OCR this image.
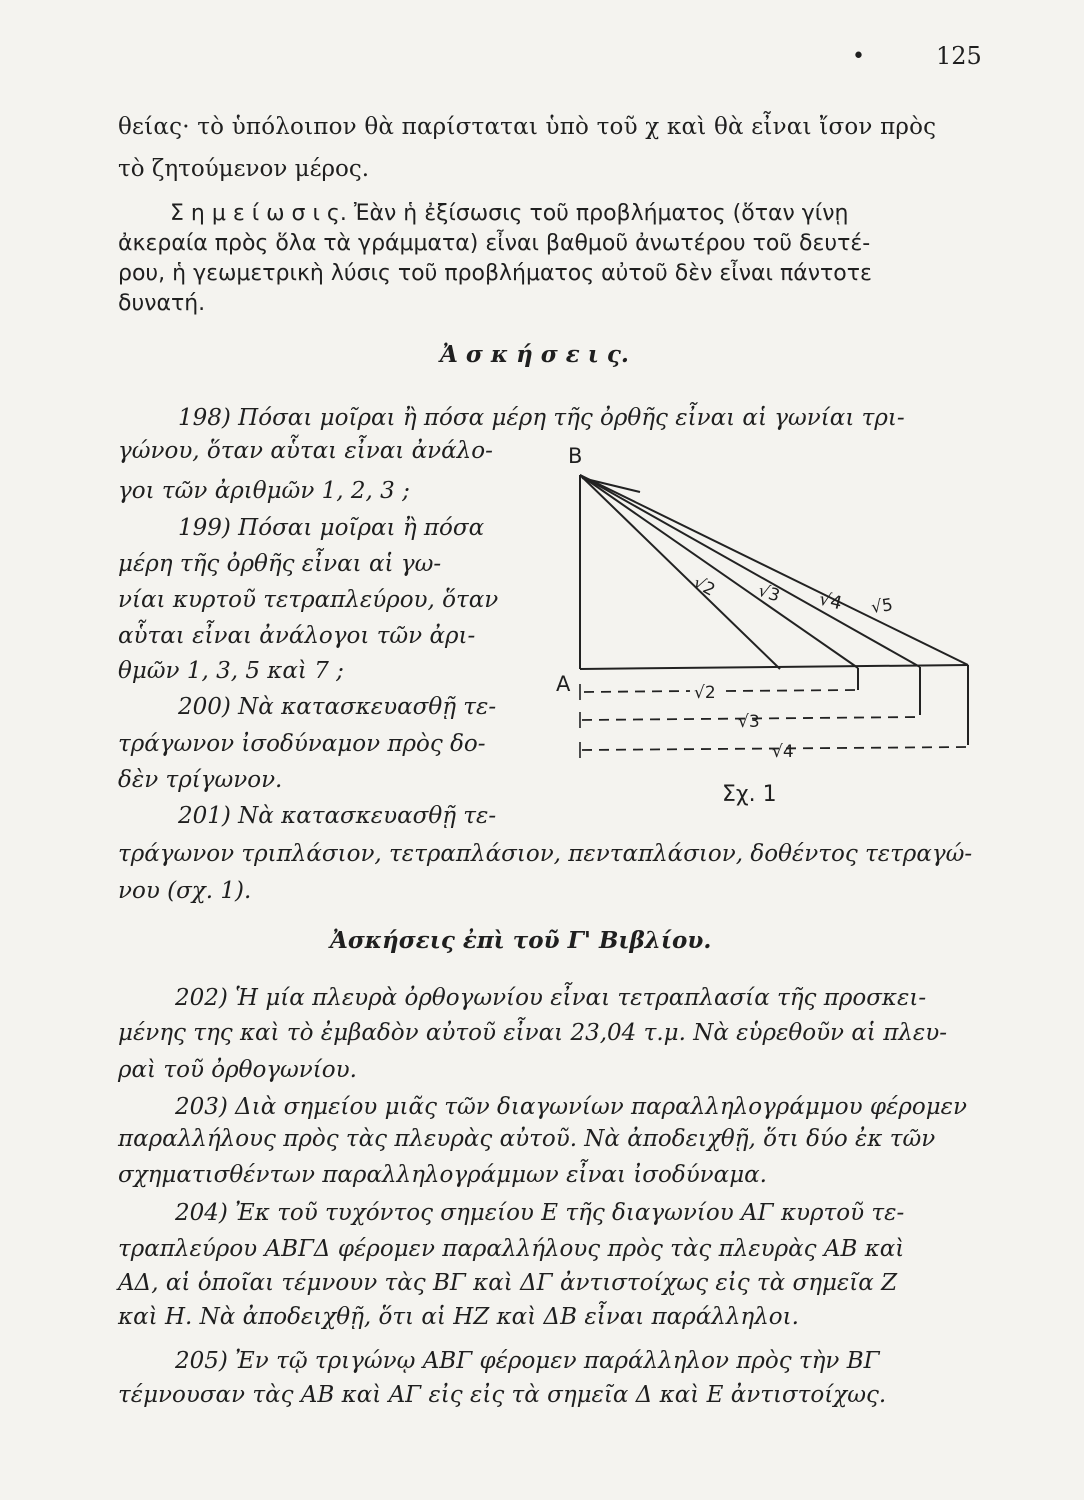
•	125
θείας· τὸ ὑπόλοιπον θὰ παρίσταται ὑπὸ τοῦ χ καὶ θὰ εἶναι ἴσον πρὸς
τὸ ζητούμενον μέρος.
Σ η μ ε ί ω σ ι ς. Ἐὰν ἡ ἐξίσωσις τοῦ προβλήματος (ὅταν γίνῃ
ἀκεραία πρὸς ὅλα τὰ γράμματα) εἶναι βαθμοῦ ἀνωτέρου τοῦ δευτέ-
ρου, ἡ γεωμετρικὴ λύσις τοῦ προβλήματος αὐτοῦ δὲν εἶναι πάντοτε
δυνατή.
Ἀ σ κ ή σ ε ι ς.
198) Πόσαι μοῖραι ἢ πόσα μέρη τῆς ὀρθῆς εἶναι αἱ γωνίαι τρι-
γώνου, ὅταν αὗται εἶναι ἀνάλο-
γοι τῶν ἀριθμῶν 1, 2, 3 ;
199) Πόσαι μοῖραι ἢ πόσα
μέρη τῆς ὀρθῆς εἶναι αἱ γω-
νίαι κυρτοῦ τετραπλεύρου, ὅταν
αὗται εἶναι ἀνάλογοι τῶν ἀρι-
θμῶν 1, 3, 5 καὶ 7 ;
200) Νὰ κατασκευασθῇ τε-
τράγωνον ἰσοδύναμον πρὸς δο-
δὲν τρίγωνον.
201) Νὰ κατασκευασθῇ τε-
τράγωνον τριπλάσιον, τετραπλάσιον, πενταπλάσιον, δοθέντος τετραγώ-
νου (σχ. 1).
B
A
√2 √3 √4 √5
√2
√3
√4
Σχ. 1
Ἀσκήσεις ἐπὶ τοῦ Γ' Βιβλίου.
202) Ἡ μία πλευρὰ ὀρθογωνίου εἶναι τετραπλασία τῆς προσκει-
μένης της καὶ τὸ ἐμβαδὸν αὐτοῦ εἶναι 23,04 τ.μ. Νὰ εὑρεθοῦν αἱ πλευ-
ραὶ τοῦ ὀρθογωνίου.
203) Διὰ σημείου μιᾶς τῶν διαγωνίων παραλληλογράμμου φέρομεν
παραλλήλους πρὸς τὰς πλευρὰς αὐτοῦ. Νὰ ἀποδειχθῇ, ὅτι δύο ἐκ τῶν
σχηματισθέντων παραλληλογράμμων εἶναι ἰσοδύναμα.
204) Ἐκ τοῦ τυχόντος σημείου Ε τῆς διαγωνίου ΑΓ κυρτοῦ τε-
τραπλεύρου ΑΒΓΔ φέρομεν παραλλήλους πρὸς τὰς πλευρὰς ΑΒ καὶ
ΑΔ, αἱ ὁποῖαι τέμνουν τὰς ΒΓ καὶ ΔΓ ἀντιστοίχως εἰς τὰ σημεῖα Ζ
καὶ Η. Νὰ ἀποδειχθῇ, ὅτι αἱ ΗΖ καὶ ΔΒ εἶναι παράλληλοι.
205) Ἐν τῷ τριγώνῳ ΑΒΓ φέρομεν παράλληλον πρὸς τὴν ΒΓ
τέμνουσαν τὰς ΑΒ καὶ ΑΓ εἰς εἰς τὰ σημεῖα Δ καὶ Ε ἀντιστοίχως.
